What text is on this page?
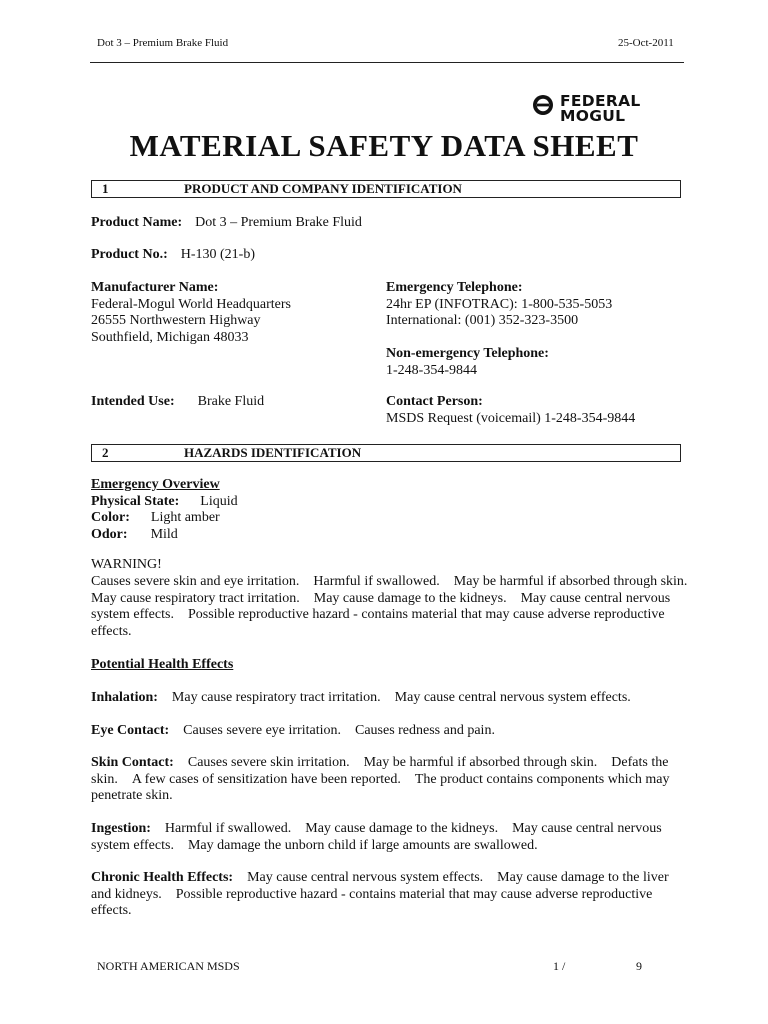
Dot 3 – Premium Brake Fluid	25-Oct-2011
FEDERAL
MOGUL
MATERIAL SAFETY DATA SHEET
1	PRODUCT AND COMPANY IDENTIFICATION
Product Name: Dot 3 – Premium Brake Fluid
Product No.: H-130 (21-b)
Manufacturer Name:
Federal-Mogul World Headquarters
26555 Northwestern Highway
Southfield, Michigan 48033
Emergency Telephone:
24hr EP (INFOTRAC): 1-800-535-5053
International: (001) 352-323-3500
Non-emergency Telephone:
1-248-354-9844
Intended Use: Brake Fluid	Contact Person:
MSDS Request (voicemail) 1-248-354-9844
2	HAZARDS IDENTIFICATION
Emergency Overview
Physical State: Liquid
Color: Light amber
Odor: Mild
WARNING!
Causes severe skin and eye irritation. Harmful if swallowed. May be harmful if absorbed through skin. May cause respiratory tract irritation. May cause damage to the kidneys. May cause central nervous system effects. Possible reproductive hazard - contains material that may cause adverse reproductive effects.
Potential Health Effects
Inhalation: May cause respiratory tract irritation. May cause central nervous system effects.
Eye Contact: Causes severe eye irritation. Causes redness and pain.
Skin Contact: Causes severe skin irritation. May be harmful if absorbed through skin. Defats the skin. A few cases of sensitization have been reported. The product contains components which may penetrate skin.
Ingestion: Harmful if swallowed. May cause damage to the kidneys. May cause central nervous system effects. May damage the unborn child if large amounts are swallowed.
Chronic Health Effects: May cause central nervous system effects. May cause damage to the liver and kidneys. Possible reproductive hazard - contains material that may cause adverse reproductive effects.
NORTH AMERICAN MSDS	1 /	9
